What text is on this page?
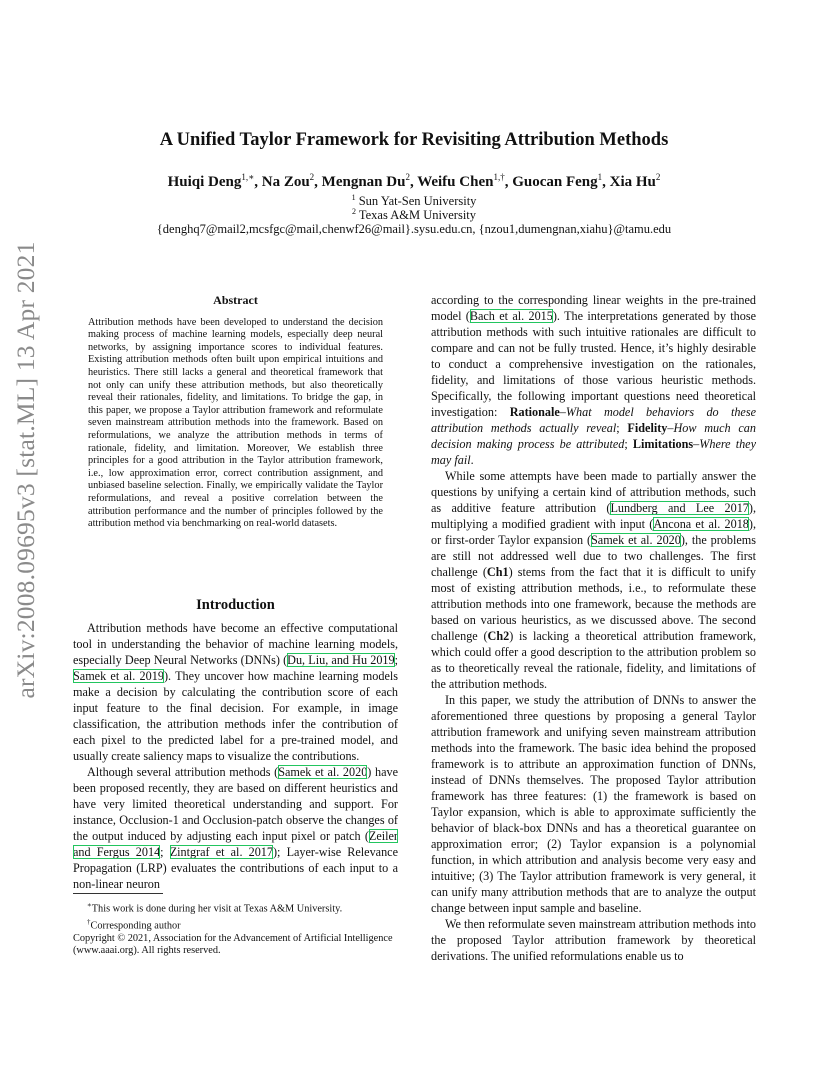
A Unified Taylor Framework for Revisiting Attribution Methods
Huiqi Deng$^{1,∗}$, Na Zou$^2$, Mengnan Du$^2$, Weifu Chen$^{1,\dagger}$, Guocan Feng$^1$, Xia Hu$^2$
$^1$ Sun Yat-Sen University
$^2$ Texas A&M University
{denghq7@mail2,mcsfgc@mail,chenwf26@mail}.sysu.edu.cn, {nzou1,dumengnan,xiahu}@tamu.edu
arXiv:2008.09695v3 [stat.ML] 13 Apr 2021	Abstract

Attribution methods have been developed to understand the decision making process of machine learning models, especially deep neural networks, by assigning importance scores to individual features. Existing attribution methods often built upon empirical intuitions and heuristics. There still lacks a general and theoretical framework that not only can unify these attribution methods, but also theoretically reveal their rationales, fidelity, and limitations. To bridge the gap, in this paper, we propose a Taylor attribution framework and reformulate seven mainstream attribution methods into the framework. Based on reformulations, we analyze the attribution methods in terms of rationale, fidelity, and limitation. Moreover, We establish three principles for a good attribution in the Taylor attribution framework, i.e., low approximation error, correct contribution assignment, and unbiased baseline selection. Finally, we empirically validate the Taylor reformulations, and reveal a positive correlation between the attribution performance and the number of principles followed by the attribution method via benchmarking on real-world datasets.

Introduction

Attribution methods have become an effective computational tool in understanding the behavior of machine learning models, especially Deep Neural Networks (DNNs) (Du, Liu, and Hu 2019; Samek et al. 2019). They uncover how machine learning models make a decision by calculating the contribution score of each input feature to the final decision. For example, in image classification, the attribution methods infer the contribution of each pixel to the predicted label for a pre-trained model, and usually create saliency maps to visualize the contributions.

Although several attribution methods (Samek et al. 2020) have been proposed recently, they are based on different heuristics and have very limited theoretical understanding and support. For instance, Occlusion-1 and Occlusion-patch observe the changes of the output induced by adjusting each input pixel or patch (Zeiler and Fergus 2014; Zintgraf et al. 2017); Layer-wise Relevance Propagation (LRP) evaluates the contributions of each input to a non-linear neuron

according to the corresponding linear weights in the pre-trained model (Bach et al. 2015). The interpretations generated by those attribution methods with such intuitive rationales are difficult to compare and can not be fully trusted. Hence, it’s highly desirable to conduct a comprehensive investigation on the rationales, fidelity, and limitations of those various heuristic methods. Specifically, the following important questions need theoretical investigation: Rationale–What model behaviors do these attribution methods actually reveal; Fidelity–How much can decision making process be attributed; Limitations–Where they may fail.

While some attempts have been made to partially answer the questions by unifying a certain kind of attribution methods, such as additive feature attribution (Lundberg and Lee 2017), multiplying a modified gradient with input (Ancona et al. 2018), or first-order Taylor expansion (Samek et al. 2020), the problems are still not addressed well due to two challenges. The first challenge (Ch1) stems from the fact that it is difficult to unify most of existing attribution methods, i.e., to reformulate these attribution methods into one framework, because the methods are based on various heuristics, as we discussed above. The second challenge (Ch2) is lacking a theoretical attribution framework, which could offer a good description to the attribution problem so as to theoretically reveal the rationale, fidelity, and limitations of the attribution methods.

In this paper, we study the attribution of DNNs to answer the aforementioned three questions by proposing a general Taylor attribution framework and unifying seven mainstream attribution methods into the framework. The basic idea behind the proposed framework is to attribute an approximation function of DNNs, instead of DNNs themselves. The proposed Taylor attribution framework has three features: (1) the framework is based on Taylor expansion, which is able to approximate sufficiently the behavior of black-box DNNs and has a theoretical guarantee on approximation error; (2) Taylor expansion is a polynomial function, in which attribution and analysis become very easy and intuitive; (3) The Taylor attribution framework is very general, it can unify many attribution methods that are to analyze the output change between input sample and baseline.

We then reformulate seven mainstream attribution methods into the proposed Taylor attribution framework by theoretical derivations. The unified reformulations enable us to

∗This work is done during her visit at Texas A&M University.
†Corresponding author
Copyright © 2021, Association for the Advancement of Artificial Intelligence (www.aaai.org). All rights reserved.
